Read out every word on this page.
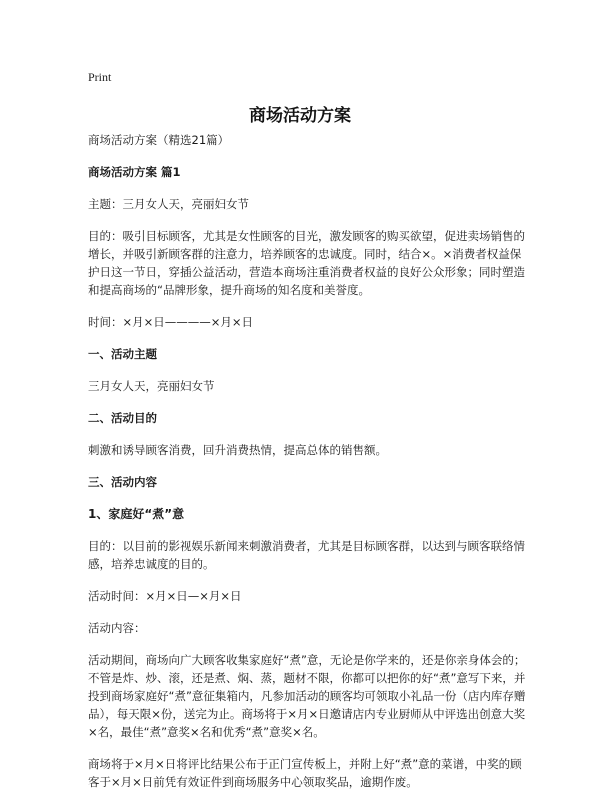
Print
商场活动方案

商场活动方案（精选21篇）

商场活动方案 篇1

主题：三月女人天，亮丽妇女节

目的：吸引目标顾客，尤其是女性顾客的目光，激发顾客的购买欲望，促进卖场销售的增长，并吸引新顾客群的注意力，培养顾客的忠诚度。同时，结合×。×消费者权益保护日这一节日，穿插公益活动，营造本商场注重消费者权益的良好公众形象；同时塑造和提高商场的“品牌形象，提升商场的知名度和美誉度。

时间：×月×日————×月×日

一、活动主题

三月女人天，亮丽妇女节

二、活动目的

刺激和诱导顾客消费，回升消费热情，提高总体的销售额。

三、活动内容

1、家庭好“煮”意

目的：以目前的影视娱乐新闻来刺激消费者，尤其是目标顾客群，以达到与顾客联络情感，培养忠诚度的目的。

活动时间：×月×日—×月×日

活动内容：

活动期间，商场向广大顾客收集家庭好“煮”意，无论是你学来的，还是你亲身体会的；不管是炸、炒、滚，还是煮、焖、蒸，题材不限，你都可以把你的好“煮”意写下来，并投到商场家庭好“煮”意征集箱内，凡参加活动的顾客均可领取小礼品一份（店内库存赠品），每天限×份，送完为止。商场将于×月×日邀请店内专业厨师从中评选出创意大奖×名，最佳“煮”意奖×名和优秀“煮”意奖×名。

商场将于×月×日将评比结果公布于正门宣传板上，并附上好“煮”意的菜谱，中奖的顾客于×月×日前凭有效证件到商场服务中心领取奖品，逾期作废。
